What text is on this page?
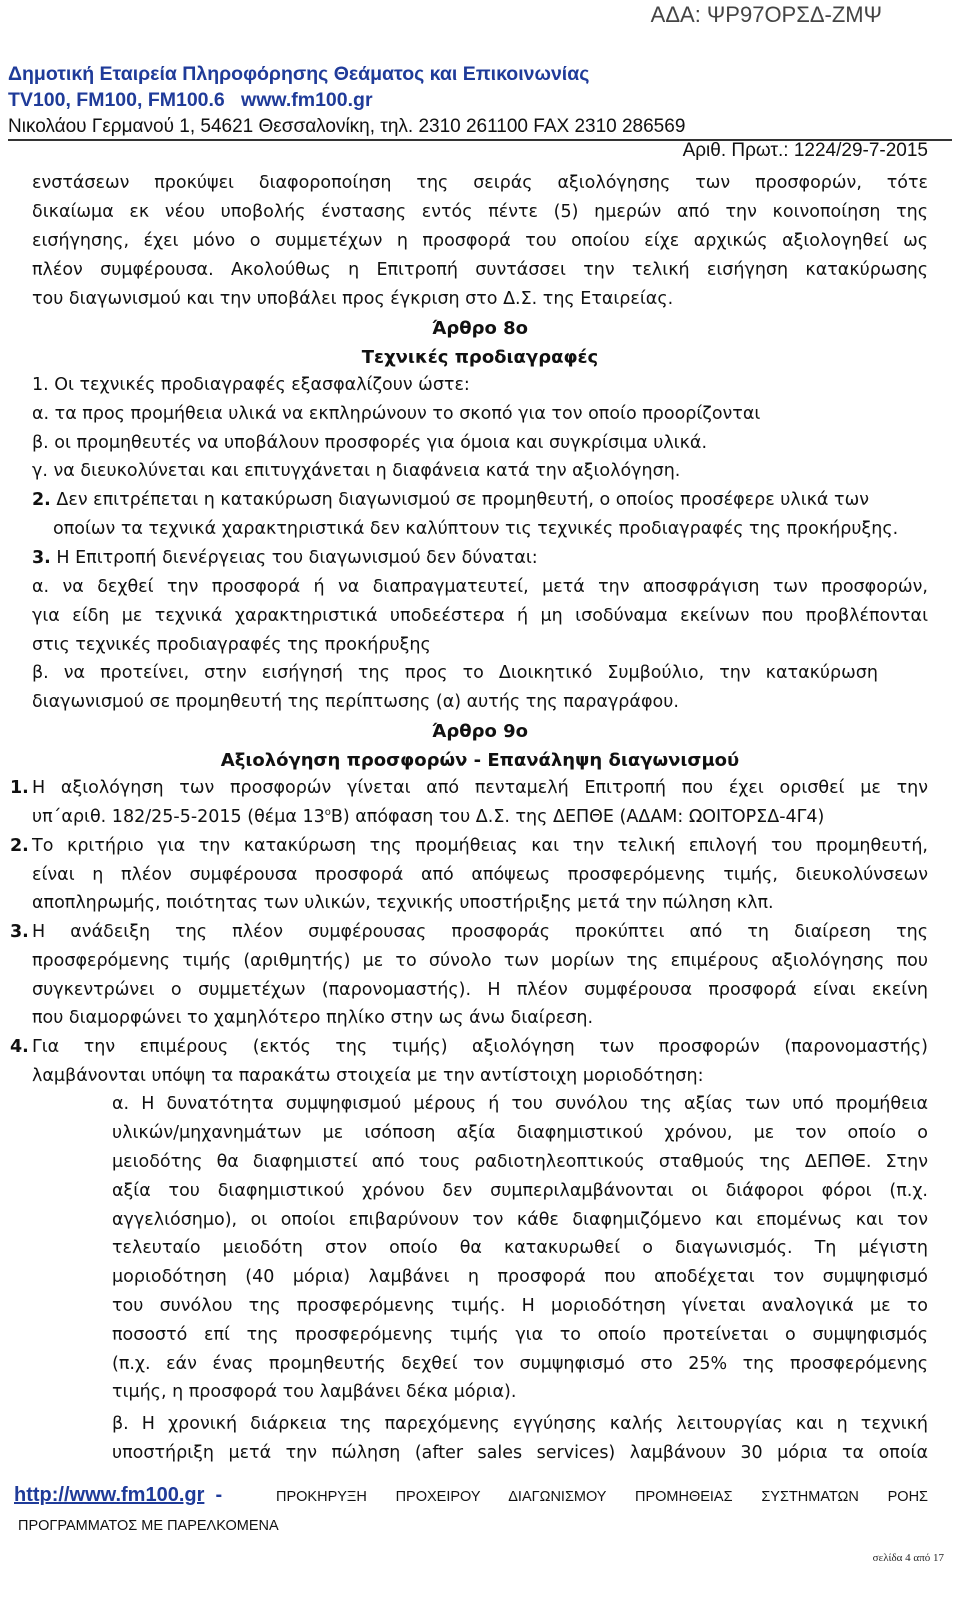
ΑΔΑ: ΨΡ97ΟΡΣΔ-ΖΜΨ
Δημοτική Εταιρεία Πληροφόρησης Θεάματος και Επικοινωνίας
TV100, FM100, FM100.6 www.fm100.gr
Νικολάου Γερμανού 1, 54621 Θεσσαλονίκη, τηλ. 2310 261100 FAX 2310 286569
Αριθ. Πρωτ.: 1224/29-7-2015
ενστάσεων προκύψει διαφοροποίηση της σειράς αξιολόγησης των προσφορών, τότε
δικαίωμα εκ νέου υποβολής ένστασης εντός πέντε (5) ημερών από την κοινοποίηση της
εισήγησης, έχει μόνο ο συμμετέχων η προσφορά του οποίου είχε αρχικώς αξιολογηθεί ως
πλέον συμφέρουσα. Ακολούθως η Επιτροπή συντάσσει την τελική εισήγηση κατακύρωσης
του διαγωνισμού και την υποβάλει προς έγκριση στο Δ.Σ. της Εταιρείας.
Άρθρο 8ο
Τεχνικές προδιαγραφές
1. Οι τεχνικές προδιαγραφές εξασφαλίζουν ώστε:
α. τα προς προμήθεια υλικά να εκπληρώνουν το σκοπό για τον οποίο προορίζονται
β. οι προμηθευτές να υποβάλουν προσφορές για όμοια και συγκρίσιμα υλικά.
γ. να διευκολύνεται και επιτυγχάνεται η διαφάνεια κατά την αξιολόγηση.
2. Δεν επιτρέπεται η κατακύρωση διαγωνισμού σε προμηθευτή, ο οποίος προσέφερε υλικά των
οποίων τα τεχνικά χαρακτηριστικά δεν καλύπτουν τις τεχνικές προδιαγραφές της προκήρυξης.
3. Η Επιτροπή διενέργειας του διαγωνισμού δεν δύναται:
α. να δεχθεί την προσφορά ή να διαπραγματευτεί, μετά την αποσφράγιση των προσφορών,
για είδη με τεχνικά χαρακτηριστικά υποδεέστερα ή μη ισοδύναμα εκείνων που προβλέπονται
στις τεχνικές προδιαγραφές της προκήρυξης
β. να προτείνει, στην εισήγησή της προς το Διοικητικό Συμβούλιο, την κατακύρωση
διαγωνισμού σε προμηθευτή της περίπτωσης (α) αυτής της παραγράφου.
Άρθρο 9ο
Αξιολόγηση προσφορών - Επανάληψη διαγωνισμού
1. Η αξιολόγηση των προσφορών γίνεται από πενταμελή Επιτροπή που έχει ορισθεί με την
υπ΄αριθ. 182/25-5-2015 (θέμα $13^oB$) απόφαση του Δ.Σ. της ΔΕΠΘΕ (ΑΔΑΜ: ΩΟΙΤΟΡΣΔ-4Γ4)
2. Το κριτήριο για την κατακύρωση της προμήθειας και την τελική επιλογή του προμηθευτή,
είναι η πλέον συμφέρουσα προσφορά από απόψεως προσφερόμενης τιμής, διευκολύνσεων
αποπληρωμής, ποιότητας των υλικών, τεχνικής υποστήριξης μετά την πώληση κλπ.
3. Η ανάδειξη της πλέον συμφέρουσας προσφοράς προκύπτει από τη διαίρεση της
προσφερόμενης τιμής (αριθμητής) με το σύνολο των μορίων της επιμέρους αξιολόγησης που
συγκεντρώνει ο συμμετέχων (παρονομαστής). Η πλέον συμφέρουσα προσφορά είναι εκείνη
που διαμορφώνει το χαμηλότερο πηλίκο στην ως άνω διαίρεση.
4. Για την επιμέρους (εκτός της τιμής) αξιολόγηση των προσφορών (παρονομαστής)
λαμβάνονται υπόψη τα παρακάτω στοιχεία με την αντίστοιχη μοριοδότηση:
α. Η δυνατότητα συμψηφισμού μέρους ή του συνόλου της αξίας των υπό προμήθεια
υλικών/μηχανημάτων με ισόποση αξία διαφημιστικού χρόνου, με τον οποίο ο
μειοδότης θα διαφημιστεί από τους ραδιοτηλεοπτικούς σταθμούς της ΔΕΠΘΕ. Στην
αξία του διαφημιστικού χρόνου δεν συμπεριλαμβάνονται οι διάφοροι φόροι (π.χ.
αγγελιόσημο), οι οποίοι επιβαρύνουν τον κάθε διαφημιζόμενο και επομένως και τον
τελευταίο μειοδότη στον οποίο θα κατακυρωθεί ο διαγωνισμός. Τη μέγιστη
μοριοδότηση (40 μόρια) λαμβάνει η προσφορά που αποδέχεται τον συμψηφισμό
του συνόλου της προσφερόμενης τιμής. Η μοριοδότηση γίνεται αναλογικά με το
ποσοστό επί της προσφερόμενης τιμής για το οποίο προτείνεται ο συμψηφισμός
(π.χ. εάν ένας προμηθευτής δεχθεί τον συμψηφισμό στο 25% της προσφερόμενης
τιμής, η προσφορά του λαμβάνει δέκα μόρια).
β. Η χρονική διάρκεια της παρεχόμενης εγγύησης καλής λειτουργίας και η τεχνική
υποστήριξη μετά την πώληση (after sales services) λαμβάνουν 30 μόρια τα οποία
http://www.fm100.gr -	ΠΡΟΚΗΡΥΞΗ ΠΡΟΧΕΙΡΟΥ ΔΙΑΓΩΝΙΣΜΟΥ ΠΡΟΜΗΘΕΙΑΣ ΣΥΣΤΗΜΑΤΩΝ ΡΟΗΣ
ΠΡΟΓΡΑΜΜΑΤΟΣ ΜΕ ΠΑΡΕΛΚΟΜΕΝΑ
σελίδα 4 από 17
